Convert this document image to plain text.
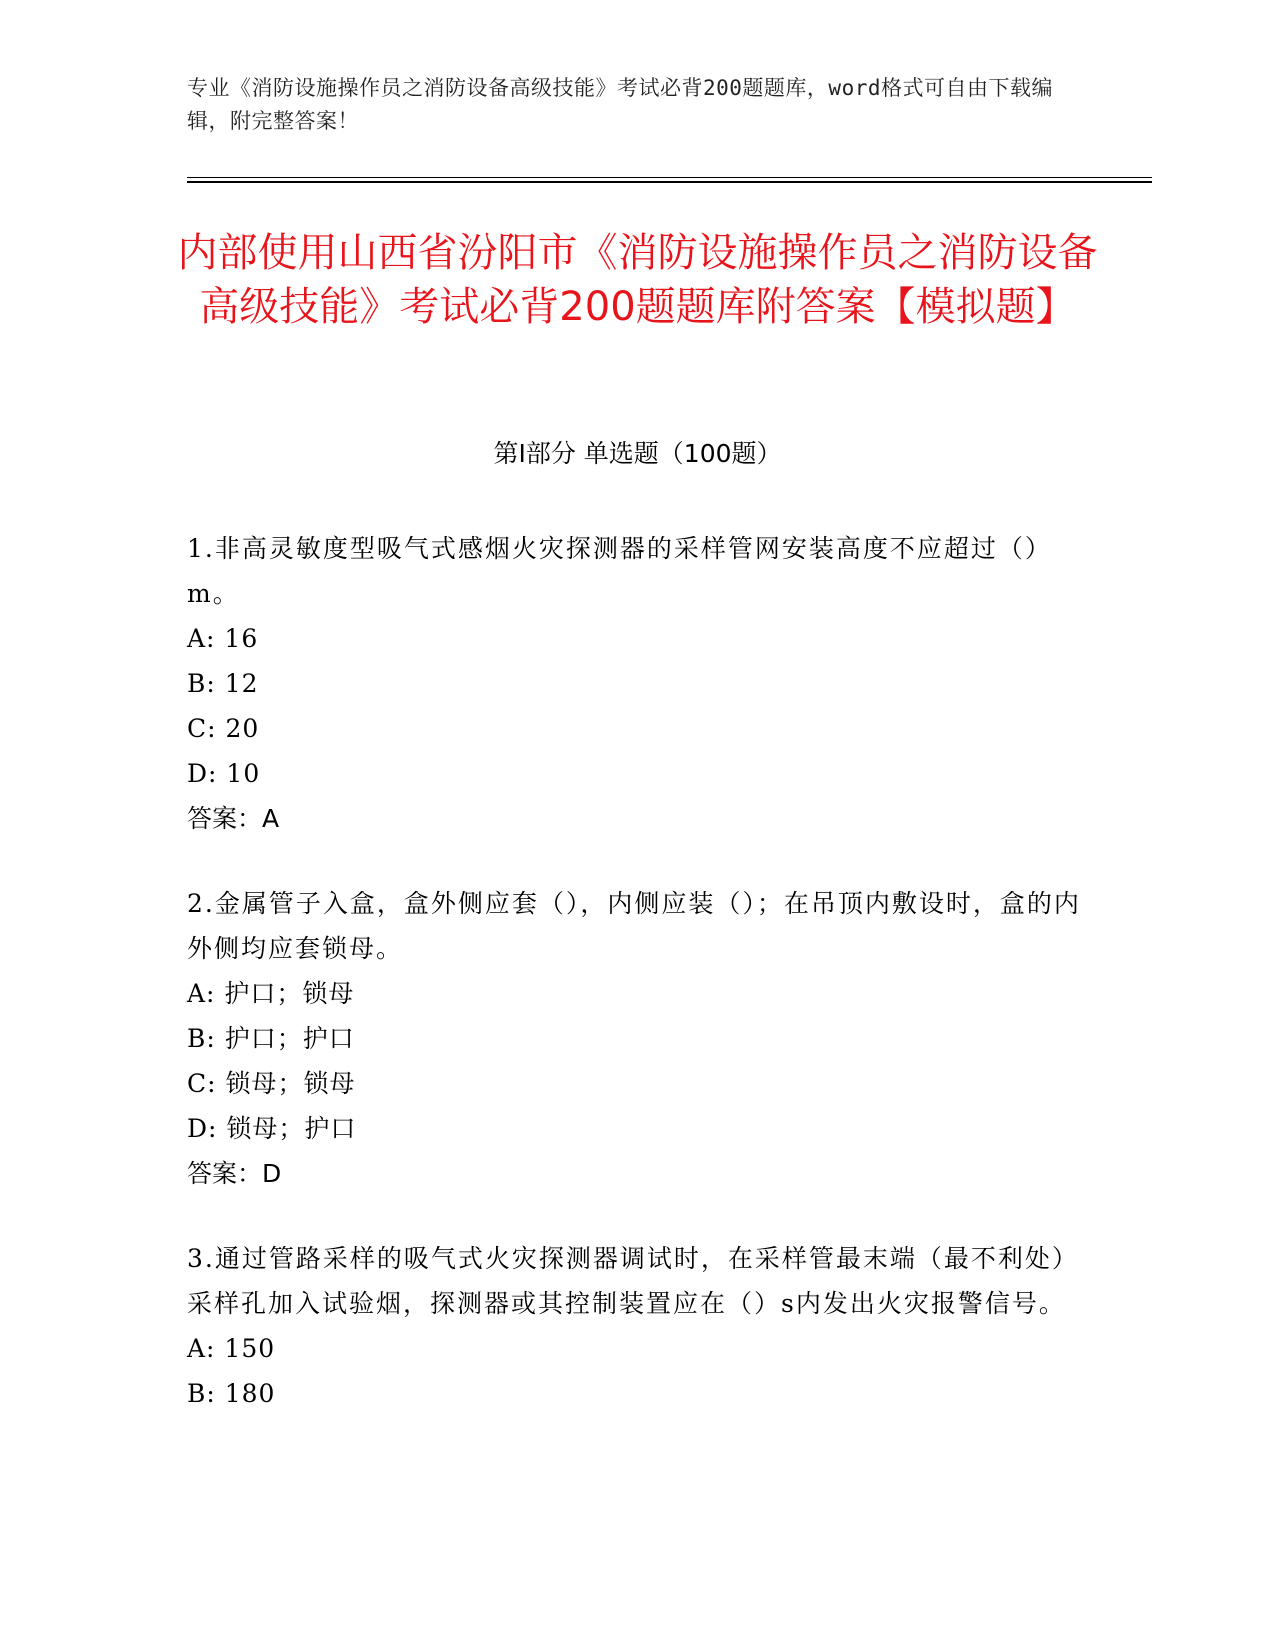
专业《消防设施操作员之消防设备高级技能》考试必背200题题库，word格式可自由下载编辑，附完整答案！
内部使用山西省汾阳市《消防设施操作员之消防设备高级技能》考试必背200题题库附答案【模拟题】
第I部分 单选题（100题）

1.非高灵敏度型吸气式感烟火灾探测器的采样管网安装高度不应超过（）m。

A: 16

B: 12

C: 20

D: 10

答案：A

2.金属管子入盒，盒外侧应套（），内侧应装（）；在吊顶内敷设时，盒的内外侧均应套锁母。

A: 护口；锁母

B: 护口；护口

C: 锁母；锁母

D: 锁母；护口

答案：D

3.通过管路采样的吸气式火灾探测器调试时，在采样管最末端（最不利处）采样孔加入试验烟，探测器或其控制装置应在（）s内发出火灾报警信号。

A: 150

B: 180
